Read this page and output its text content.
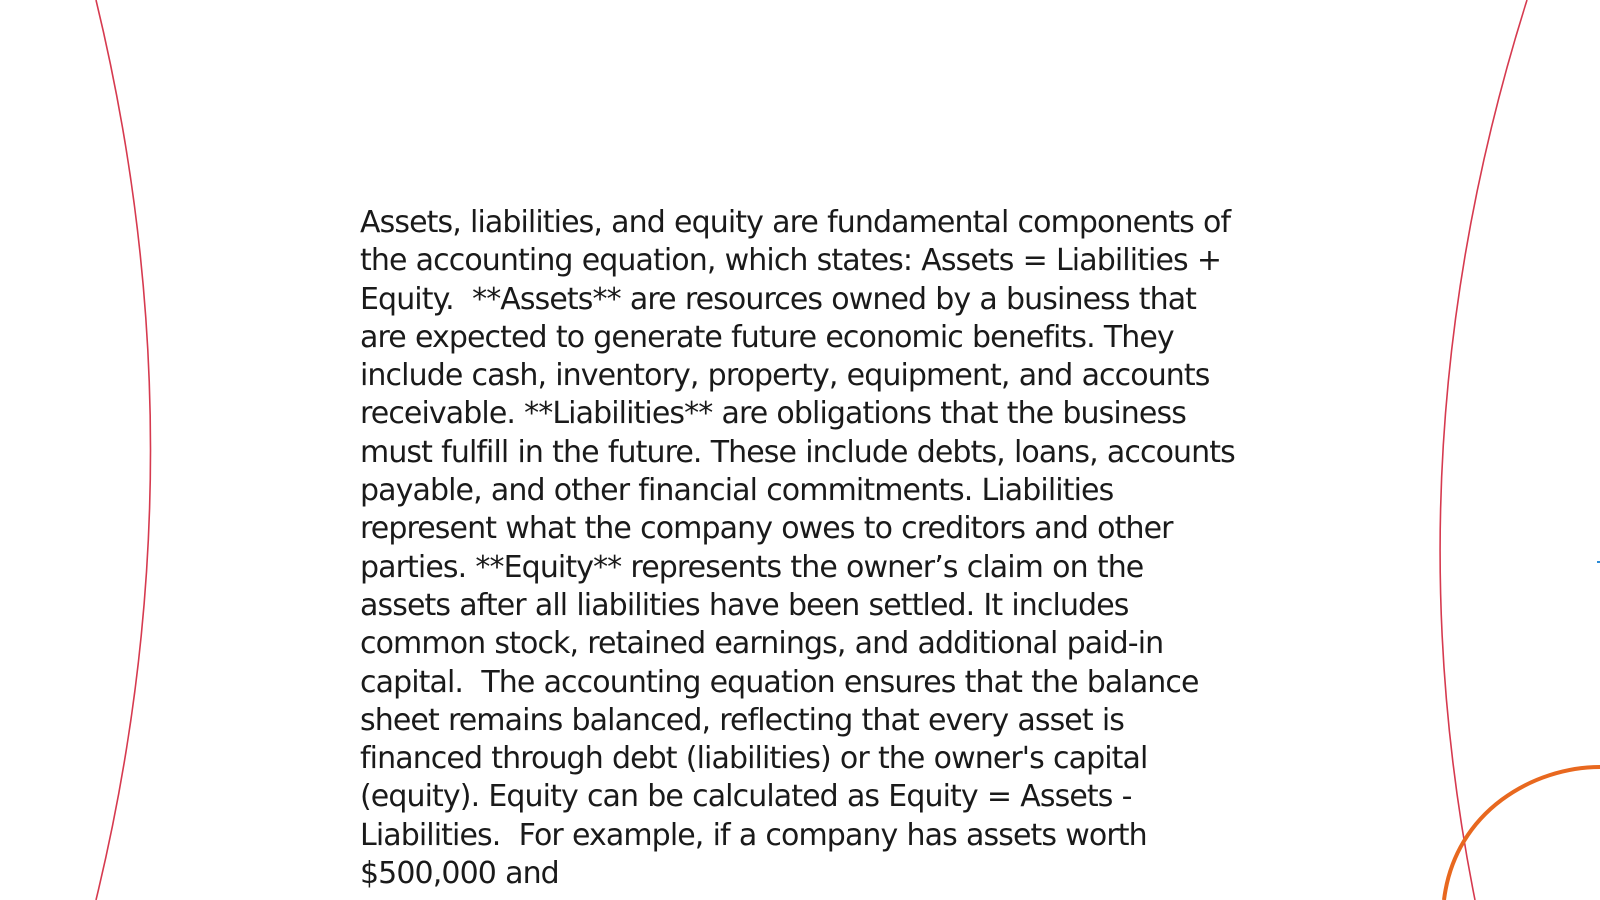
Assets, liabilities, and equity are fundamental components of the accounting equation, which states: Assets = Liabilities + Equity.  **Assets** are resources owned by a business that are expected to generate future economic benefits. They include cash, inventory, property, equipment, and accounts receivable. **Liabilities** are obligations that the business must fulfill in the future. These include debts, loans, accounts payable, and other financial commitments. Liabilities represent what the company owes to creditors and other parties. **Equity** represents the owner’s claim on the assets after all liabilities have been settled. It includes common stock, retained earnings, and additional paid-in capital.  The accounting equation ensures that the balance sheet remains balanced, reflecting that every asset is financed through debt (liabilities) or the owner's capital (equity). Equity can be calculated as Equity = Assets - Liabilities.  For example, if a company has assets worth $500,000 and
